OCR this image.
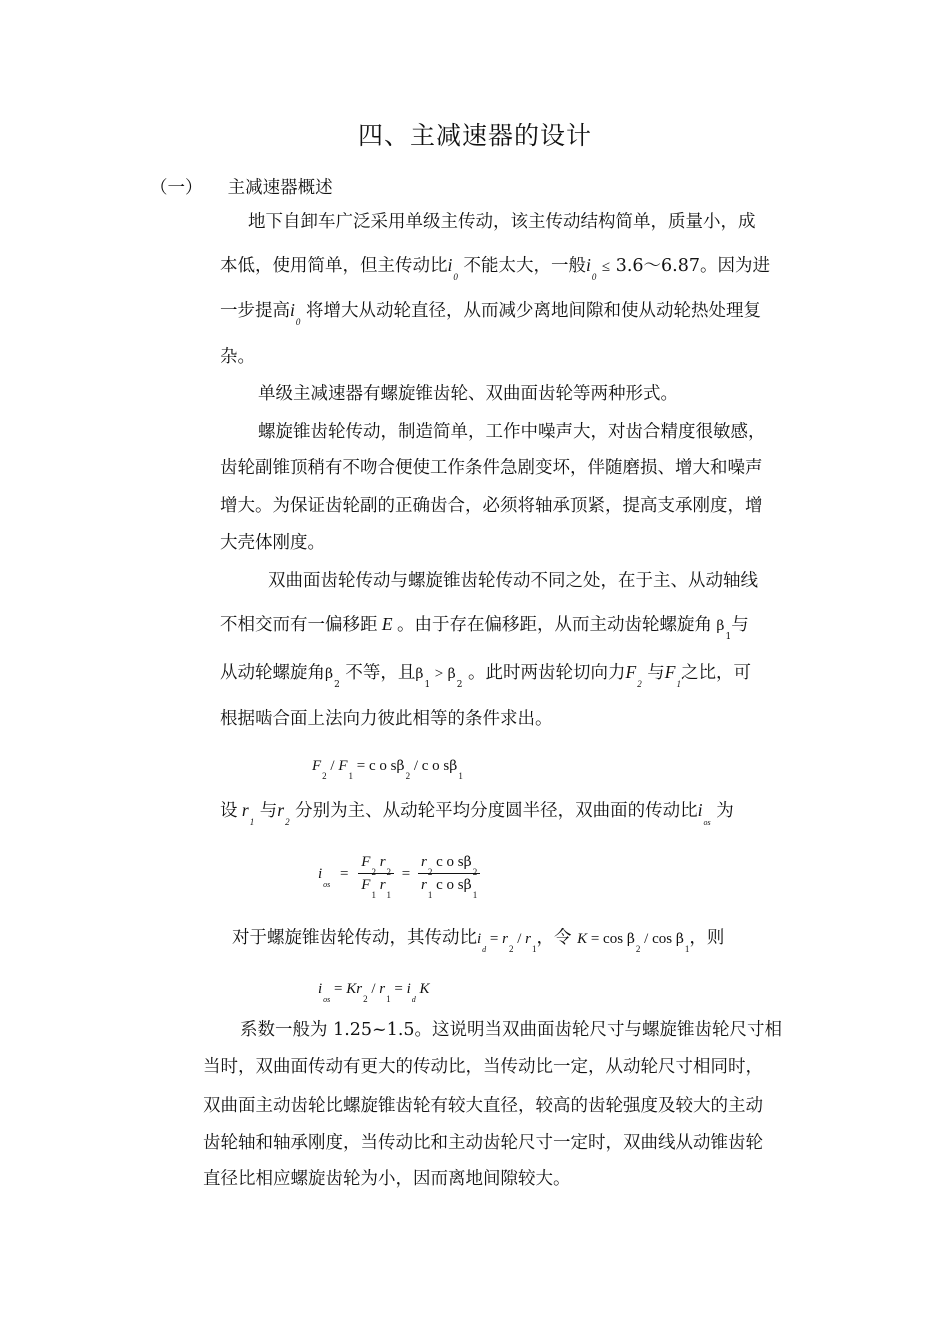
四、主减速器的设计
（一） 主减速器概述
地下自卸车广泛采用单级主传动，该主传动结构简单，质量小，成
本低，使用简单，但主传动比$i_0$ 不能太大，一般$i_0$ ≤ 3.6～6.87。因为进
一步提高$i_0$ 将增大从动轮直径，从而减少离地间隙和使从动轮热处理复
杂。
单级主减速器有螺旋锥齿轮、双曲面齿轮等两种形式。
螺旋锥齿轮传动，制造简单，工作中噪声大，对齿合精度很敏感，
齿轮副锥顶稍有不吻合便使工作条件急剧变坏，伴随磨损、增大和噪声
增大。为保证齿轮副的正确齿合，必须将轴承顶紧，提高支承刚度，增
大壳体刚度。
双曲面齿轮传动与螺旋锥齿轮传动不同之处，在于主、从动轴线
不相交而有一偏移距 E 。由于存在偏移距，从而主动齿轮螺旋角 $\beta_1$与
从动轮螺旋角$\beta_2$ 不等，且$\beta_1 > \beta_2$ 。此时两齿轮切向力$F_2$ 与$F_1$之比，可
根据啮合面上法向力彼此相等的条件求出。
$F_2 / F_1 = c$ o $s\beta_2$ / c o $s\beta_1$
设 $r_1$ 与$r_2$ 分别为主、从动轮平均分度圆半径，双曲面的传动比$i_{os}$ 为
$i_{os} = \frac{F_2 r_2}{F_1 r_1} = \frac{r_2 c o s\beta_2}{r_1 c o s\beta_1}$
对于螺旋锥齿轮传动，其传动比$i_d = r_2 / r_1$，令 $K = \cos \beta_2 / \cos \beta_1$，则
$i_{os} = Kr_2 / r_1 = i_d$ K
系数一般为 1.25~1.5。这说明当双曲面齿轮尺寸与螺旋锥齿轮尺寸相
当时，双曲面传动有更大的传动比，当传动比一定，从动轮尺寸相同时，
双曲面主动齿轮比螺旋锥齿轮有较大直径，较高的齿轮强度及较大的主动
齿轮轴和轴承刚度，当传动比和主动齿轮尺寸一定时，双曲线从动锥齿轮
直径比相应螺旋齿轮为小，因而离地间隙较大。
